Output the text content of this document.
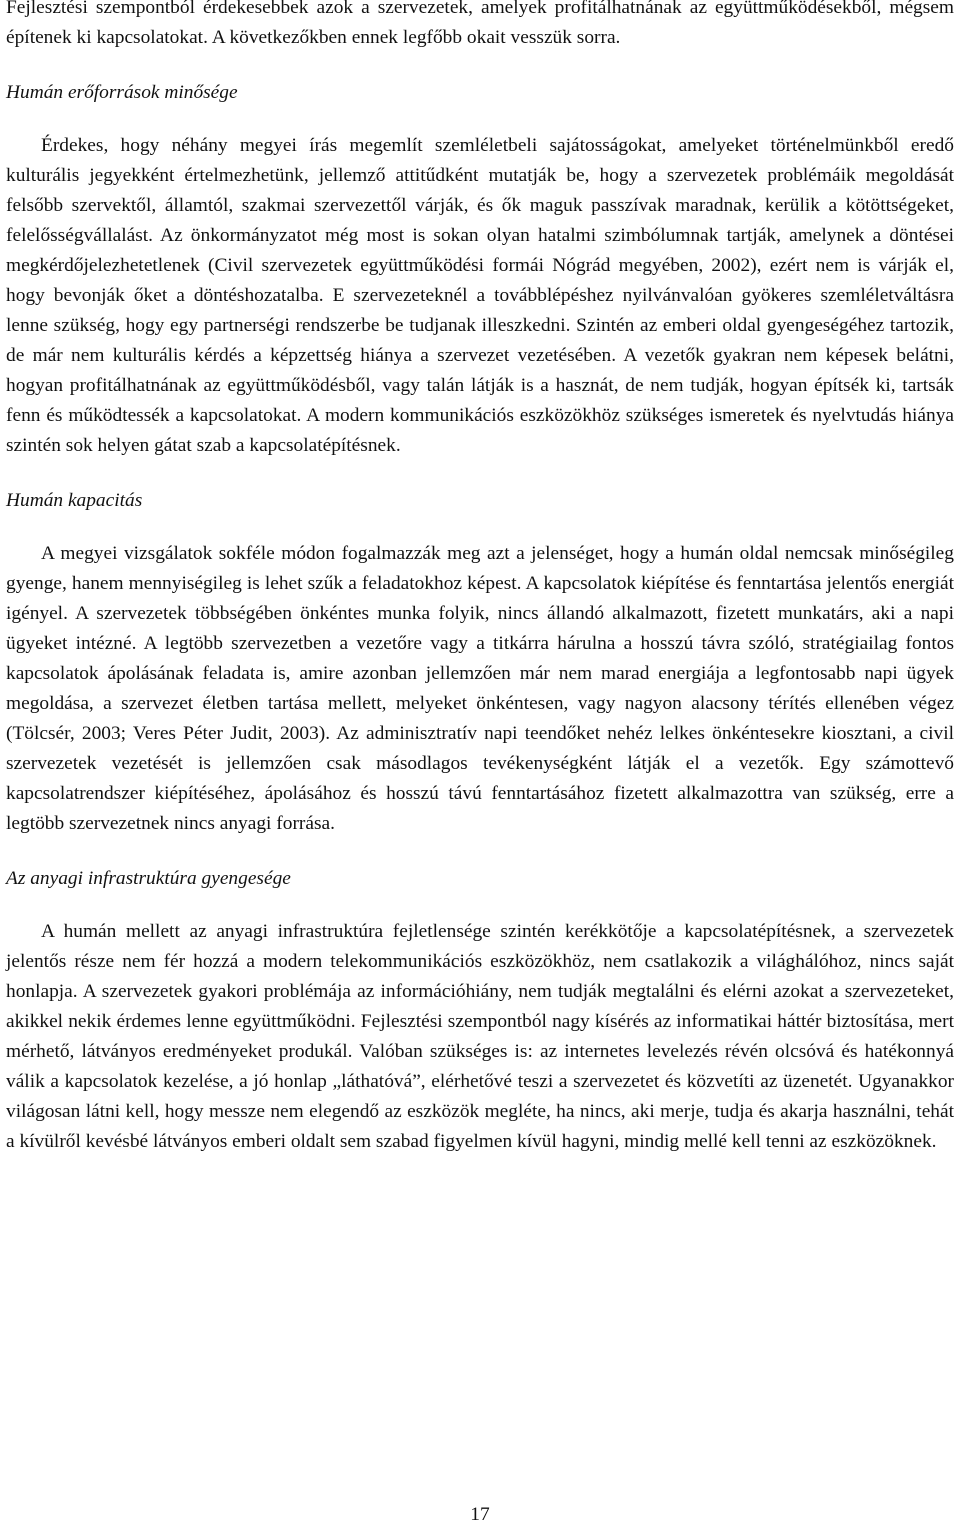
Fejlesztési szempontból érdekesebbek azok a szervezetek, amelyek profitálhatnának az együttműködésekből, mégsem építenek ki kapcsolatokat. A következőkben ennek legfőbb okait vesszük sorra.

Humán erőforrások minősége

Érdekes, hogy néhány megyei írás megemlít szemléletbeli sajátosságokat, amelyeket történelmünkből eredő kulturális jegyekként értelmezhetünk, jellemző attitűdként mutatják be, hogy a szervezetek problémáik megoldását felsőbb szervektől, államtól, szakmai szervezettől várják, és ők maguk passzívak maradnak, kerülik a kötöttségeket, felelősségvállalást. Az önkormányzatot még most is sokan olyan hatalmi szimbólumnak tartják, amelynek a döntései megkérdőjelezhetetlenek (Civil szervezetek együttműködési formái Nógrád megyében, 2002), ezért nem is várják el, hogy bevonják őket a döntéshozatalba. E szervezeteknél a továbblépéshez nyilvánvalóan gyökeres szemléletváltásra lenne szükség, hogy egy partnerségi rendszerbe be tudjanak illeszkedni. Szintén az emberi oldal gyengeségéhez tartozik, de már nem kulturális kérdés a képzettség hiánya a szervezet vezetésében. A vezetők gyakran nem képesek belátni, hogyan profitálhatnának az együttműködésből, vagy talán látják is a hasznát, de nem tudják, hogyan építsék ki, tartsák fenn és működtessék a kapcsolatokat. A modern kommunikációs eszközökhöz szükséges ismeretek és nyelvtudás hiánya szintén sok helyen gátat szab a kapcsolatépítésnek.

Humán kapacitás

A megyei vizsgálatok sokféle módon fogalmazzák meg azt a jelenséget, hogy a humán oldal nemcsak minőségileg gyenge, hanem mennyiségileg is lehet szűk a feladatokhoz képest. A kapcsolatok kiépítése és fenntartása jelentős energiát igényel. A szervezetek többségében önkéntes munka folyik, nincs állandó alkalmazott, fizetett munkatárs, aki a napi ügyeket intézné. A legtöbb szervezetben a vezetőre vagy a titkárra hárulna a hosszú távra szóló, stratégiailag fontos kapcsolatok ápolásának feladata is, amire azonban jellemzően már nem marad energiája a legfontosabb napi ügyek megoldása, a szervezet életben tartása mellett, melyeket önkéntesen, vagy nagyon alacsony térítés ellenében végez (Tölcsér, 2003; Veres Péter Judit, 2003). Az adminisztratív napi teendőket nehéz lelkes önkéntesekre kiosztani, a civil szervezetek vezetését is jellemzően csak másodlagos tevékenységként látják el a vezetők. Egy számottevő kapcsolatrendszer kiépítéséhez, ápolásához és hosszú távú fenntartásához fizetett alkalmazottra van szükség, erre a legtöbb szervezetnek nincs anyagi forrása.

Az anyagi infrastruktúra gyengesége

A humán mellett az anyagi infrastruktúra fejletlensége szintén kerékkötője a kapcsolatépítésnek, a szervezetek jelentős része nem fér hozzá a modern telekommunikációs eszközökhöz, nem csatlakozik a világhálóhoz, nincs saját honlapja. A szervezetek gyakori problémája az információhiány, nem tudják megtalálni és elérni azokat a szervezeteket, akikkel nekik érdemes lenne együttműködni. Fejlesztési szempontból nagy kísérés az informatikai háttér biztosítása, mert mérhető, látványos eredményeket produkál. Valóban szükséges is: az internetes levelezés révén olcsóvá és hatékonnyá válik a kapcsolatok kezelése, a jó honlap „láthatóvá”, elérhetővé teszi a szervezetet és közvetíti az üzenetét. Ugyanakkor világosan látni kell, hogy messze nem elegendő az eszközök megléte, ha nincs, aki merje, tudja és akarja használni, tehát a kívülről kevésbé látványos emberi oldalt sem szabad figyelmen kívül hagyni, mindig mellé kell tenni az eszközöknek.

17
